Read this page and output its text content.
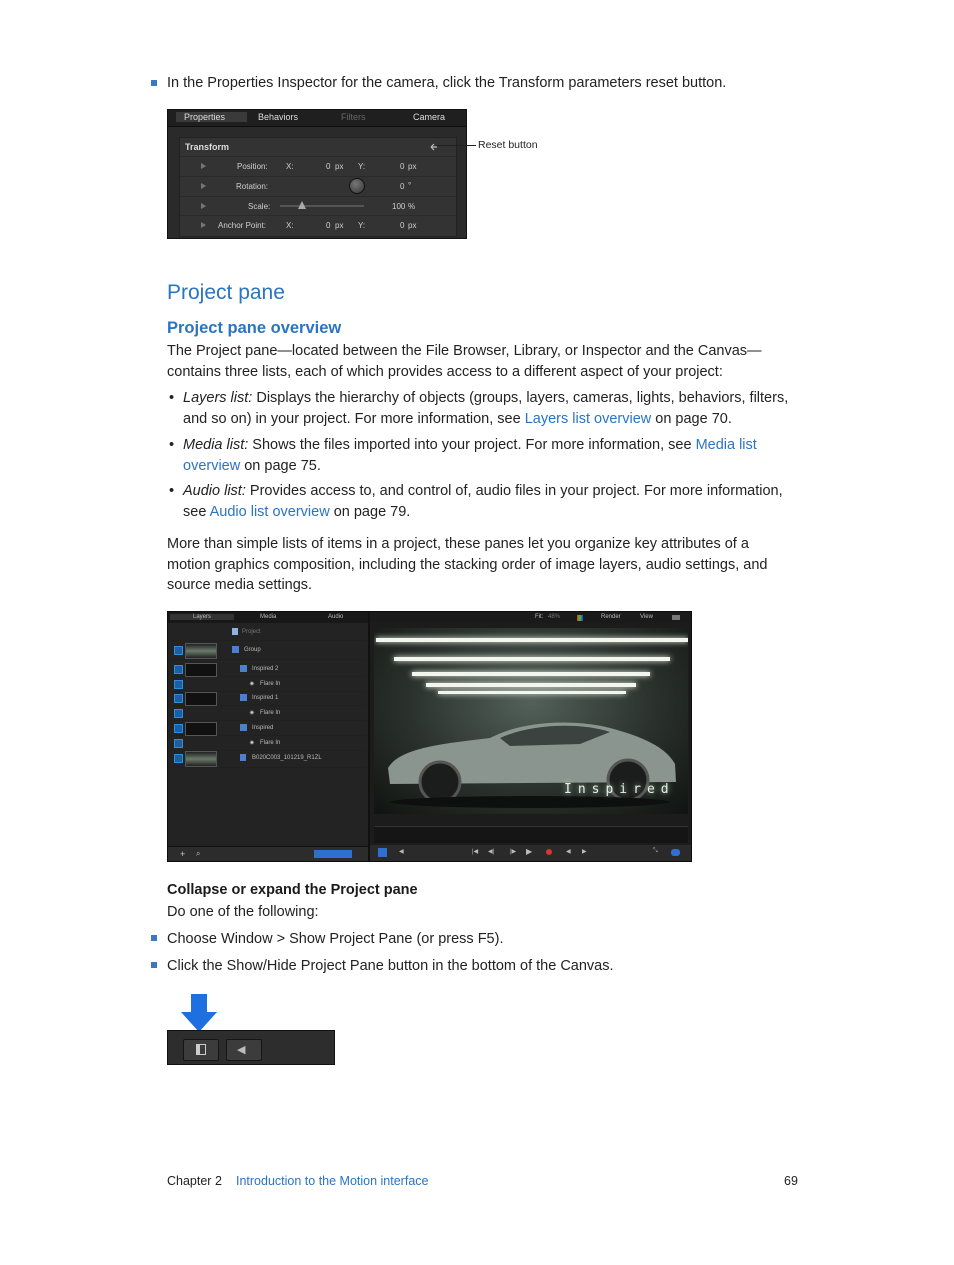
In the Properties Inspector for the camera, click the Transform parameters reset button.
Properties	Behaviors	Filters	Camera
Transform
Position: X:	0 px Y:	0 px
Rotation:	0 °
Scale:	100 %
Anchor Point: X:	0 px Y:	0 px
Reset button
Project pane
Project pane overview
The Project pane—located between the File Browser, Library, or Inspector and the Canvas— contains three lists, each of which provides access to a different aspect of your project:
• Layers list: Displays the hierarchy of objects (groups, layers, cameras, lights, behaviors, filters, and so on) in your project. For more information, see Layers list overview on page 70.
• Media list: Shows the files imported into your project. For more information, see Media list overview on page 75.
• Audio list: Provides access to, and control of, audio files in your project. For more information, see Audio list overview on page 79.
More than simple lists of items in a project, these panes let you organize key attributes of a motion graphics composition, including the stacking order of image layers, audio settings, and source media settings.
Layers	Media	Audio
Project
Group
Inspired 2
✷ Flare In
Inspired 1
✷ Flare In
Inspired
✷ Flare In
B020C003_101219_R1ZL
+ ⌕
Fit: 48%	Render	View
Inspired
◀	|◀ ◀|	|▶ ▶	◀ ▶	⤡
Collapse or expand the Project pane
Do one of the following:
Choose Window > Show Project Pane (or press F5).
Click the Show/Hide Project Pane button in the bottom of the Canvas.
◀
Chapter 2 Introduction to the Motion interface	69
